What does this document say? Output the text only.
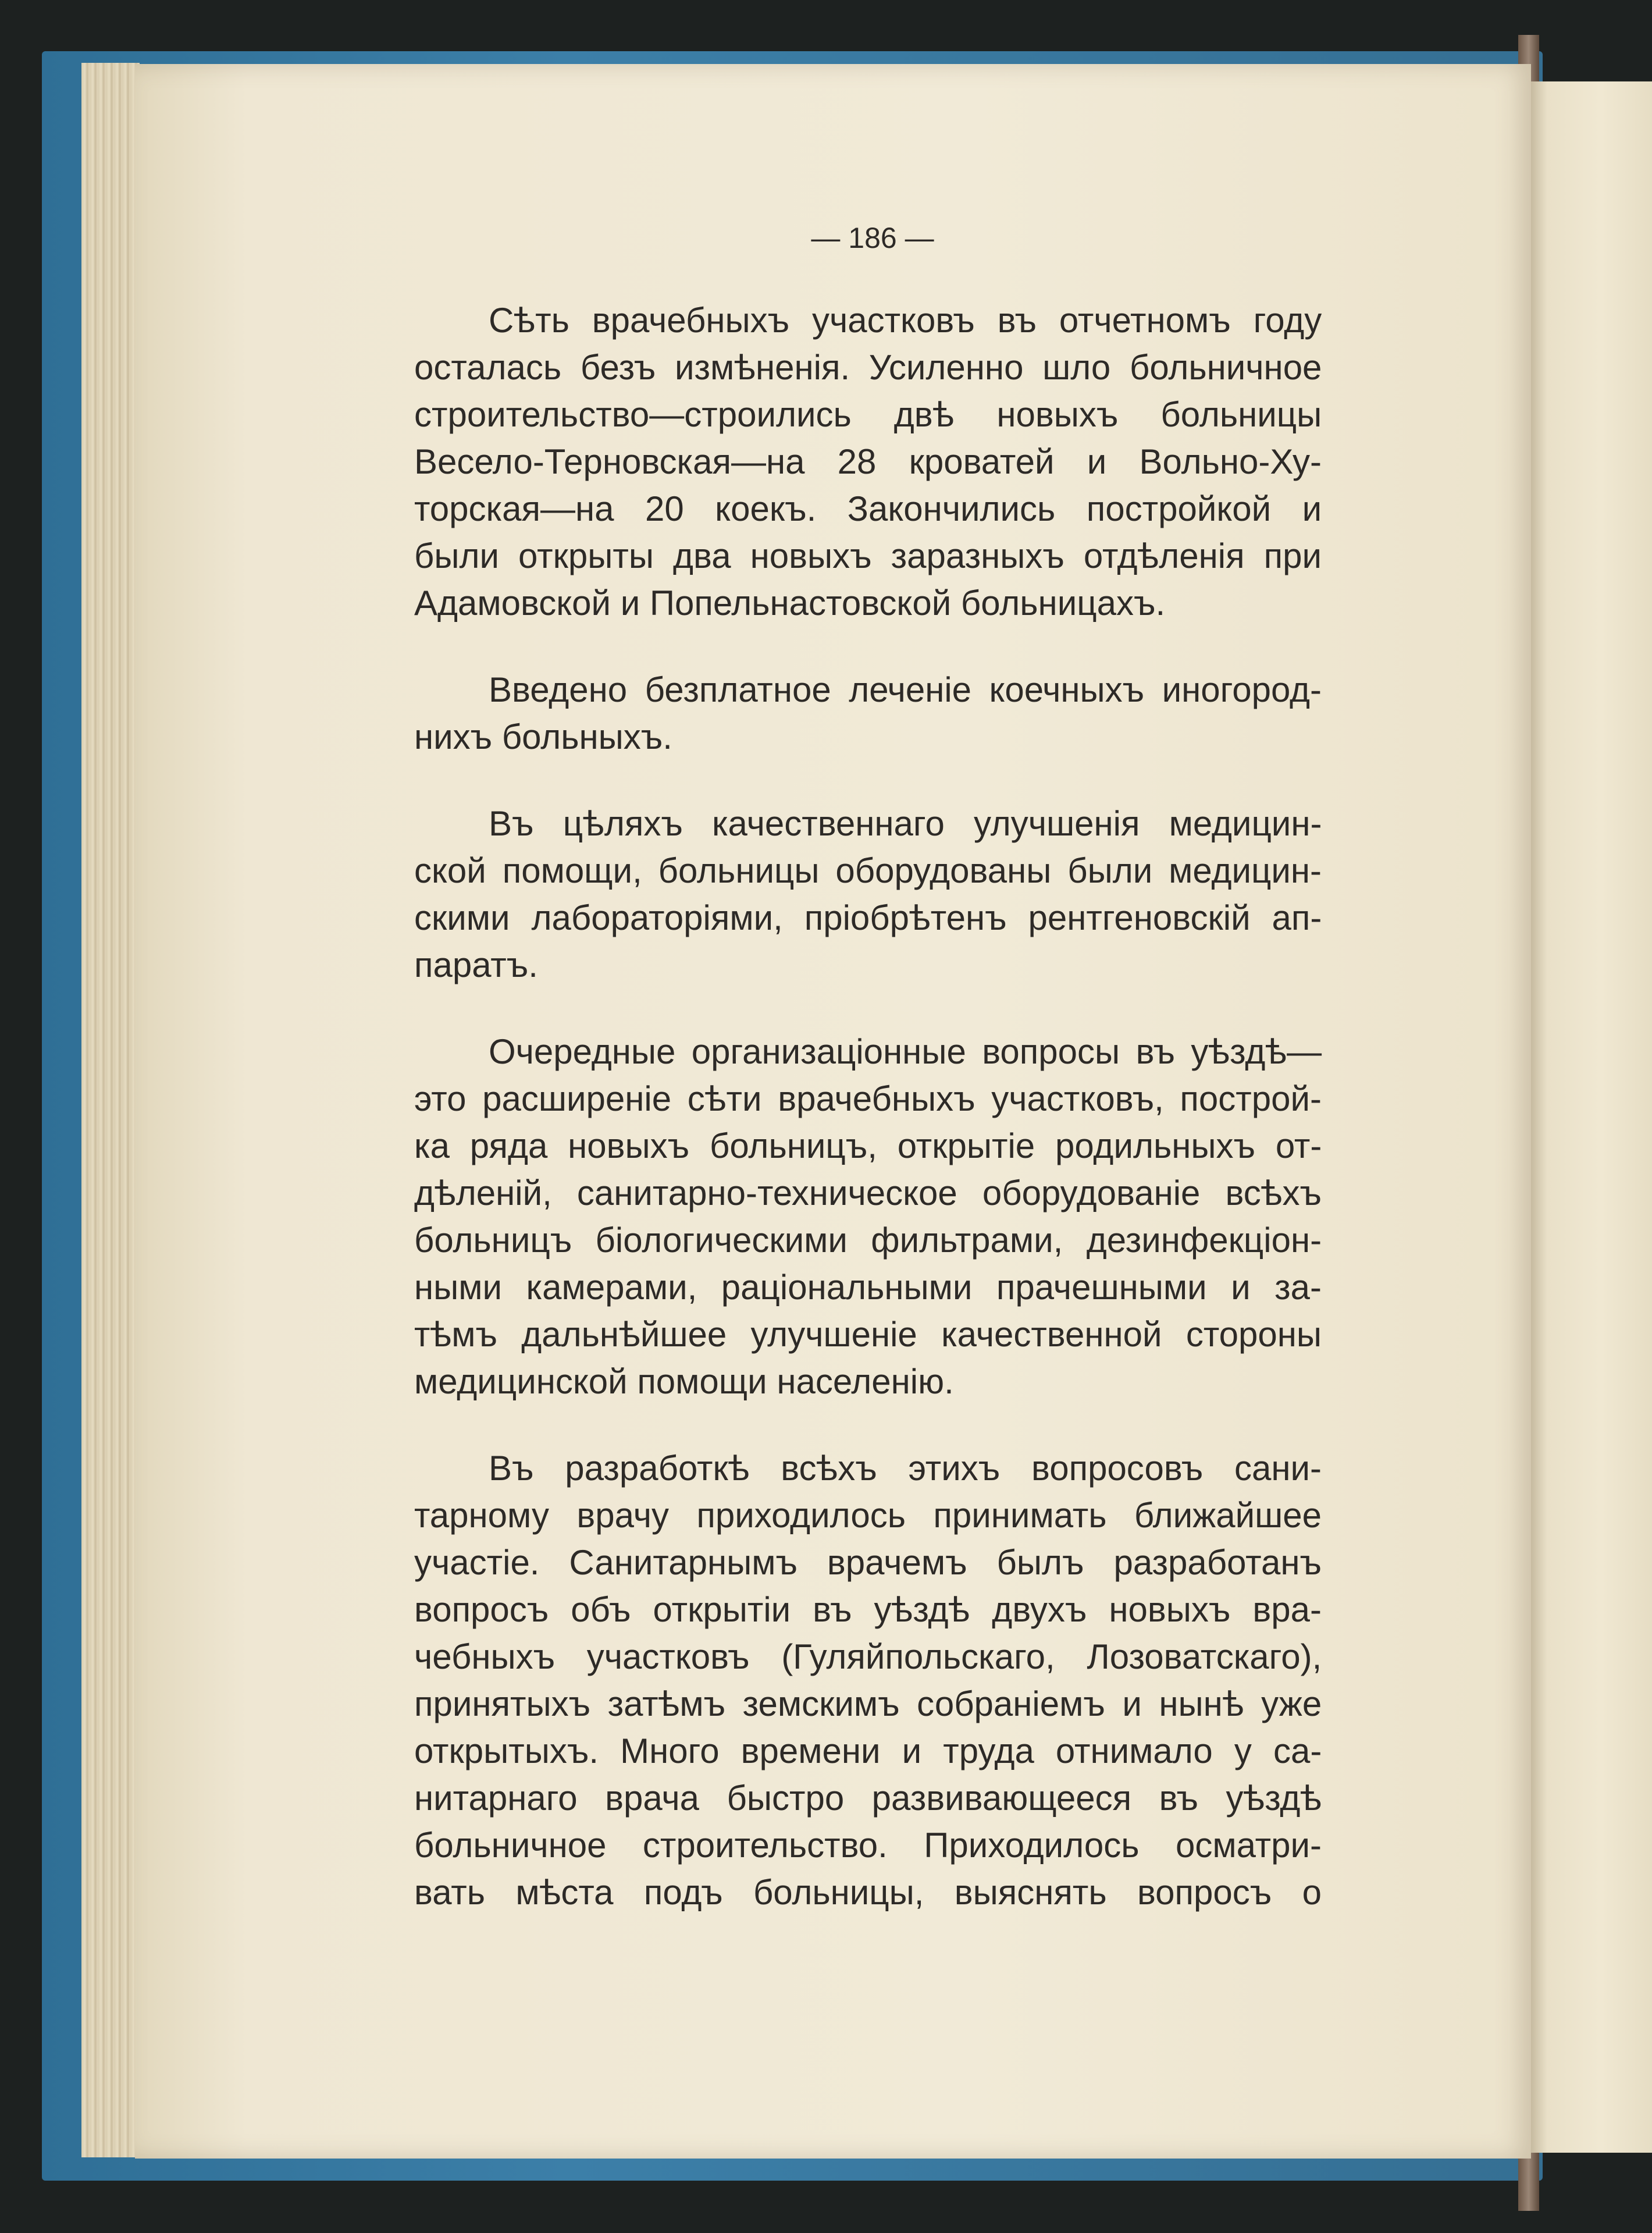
— 186 —
Сѣть врачебныхъ участковъ въ отчетномъ году
осталась безъ измѣненія. Усиленно шло больничное
строительство—строились двѣ новыхъ больницы
Весело-Терновская—на 28 кроватей и Вольно-Ху-
торская—на 20 коекъ. Закончились постройкой и
были открыты два новыхъ заразныхъ отдѣленія при
Адамовской и Попельнастовской больницахъ.
Введено безплатное леченіе коечныхъ иногород-
нихъ больныхъ.
Въ цѣляхъ качественнаго улучшенія медицин-
ской помощи, больницы оборудованы были медицин-
скими лабораторіями, пріобрѣтенъ рентгеновскій ап-
паратъ.
Очередные организаціонные вопросы въ уѣздѣ—
это расширеніе сѣти врачебныхъ участковъ, построй-
ка ряда новыхъ больницъ, открытіе родильныхъ от-
дѣленій, санитарно-техническое оборудованіе всѣхъ
больницъ біологическими фильтрами, дезинфекціон-
ными камерами, раціональными прачешными и за-
тѣмъ дальнѣйшее улучшеніе качественной стороны
медицинской помощи населенію.
Въ разработкѣ всѣхъ этихъ вопросовъ сани-
тарному врачу приходилось принимать ближайшее
участіе. Санитарнымъ врачемъ былъ разработанъ
вопросъ объ открытіи въ уѣздѣ двухъ новыхъ вра-
чебныхъ участковъ (Гуляйпольскаго, Лозоватскаго),
принятыхъ затѣмъ земскимъ собраніемъ и нынѣ уже
открытыхъ. Много времени и труда отнимало у са-
нитарнаго врача быстро развивающееся въ уѣздѣ
больничное строительство. Приходилось осматри-
вать мѣста подъ больницы, выяснять вопросъ о
